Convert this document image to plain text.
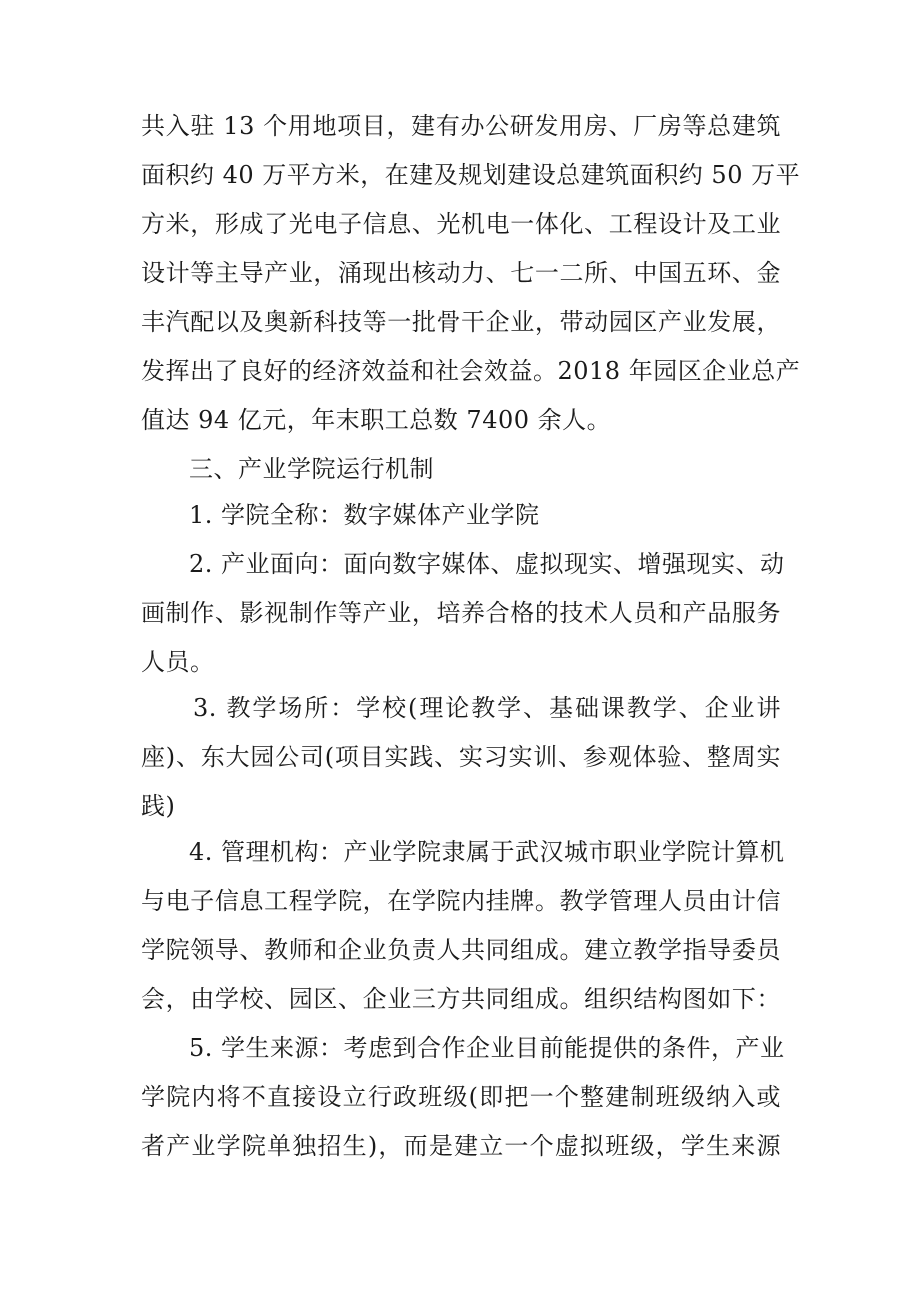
共入驻 13 个用地项目，建有办公研发用房、厂房等总建筑

面积约 40 万平方米，在建及规划建设总建筑面积约 50 万平

方米，形成了光电子信息、光机电一体化、工程设计及工业

设计等主导产业，涌现出核动力、七一二所、中国五环、金

丰汽配以及奥新科技等一批骨干企业，带动园区产业发展，

发挥出了良好的经济效益和社会效益。2018 年园区企业总产

值达 94 亿元，年末职工总数 7400 余人。

三、产业学院运行机制

1. 学院全称：数字媒体产业学院

2. 产业面向：面向数字媒体、虚拟现实、增强现实、动

画制作、影视制作等产业，培养合格的技术人员和产品服务

人员。

3. 教学场所：学校(理论教学、基础课教学、企业讲

座)、东大园公司(项目实践、实习实训、参观体验、整周实

践)

4. 管理机构：产业学院隶属于武汉城市职业学院计算机

与电子信息工程学院，在学院内挂牌。教学管理人员由计信

学院领导、教师和企业负责人共同组成。建立教学指导委员

会，由学校、园区、企业三方共同组成。组织结构图如下：

5. 学生来源：考虑到合作企业目前能提供的条件，产业

学院内将不直接设立行政班级(即把一个整建制班级纳入或

者产业学院单独招生)，而是建立一个虚拟班级，学生来源
